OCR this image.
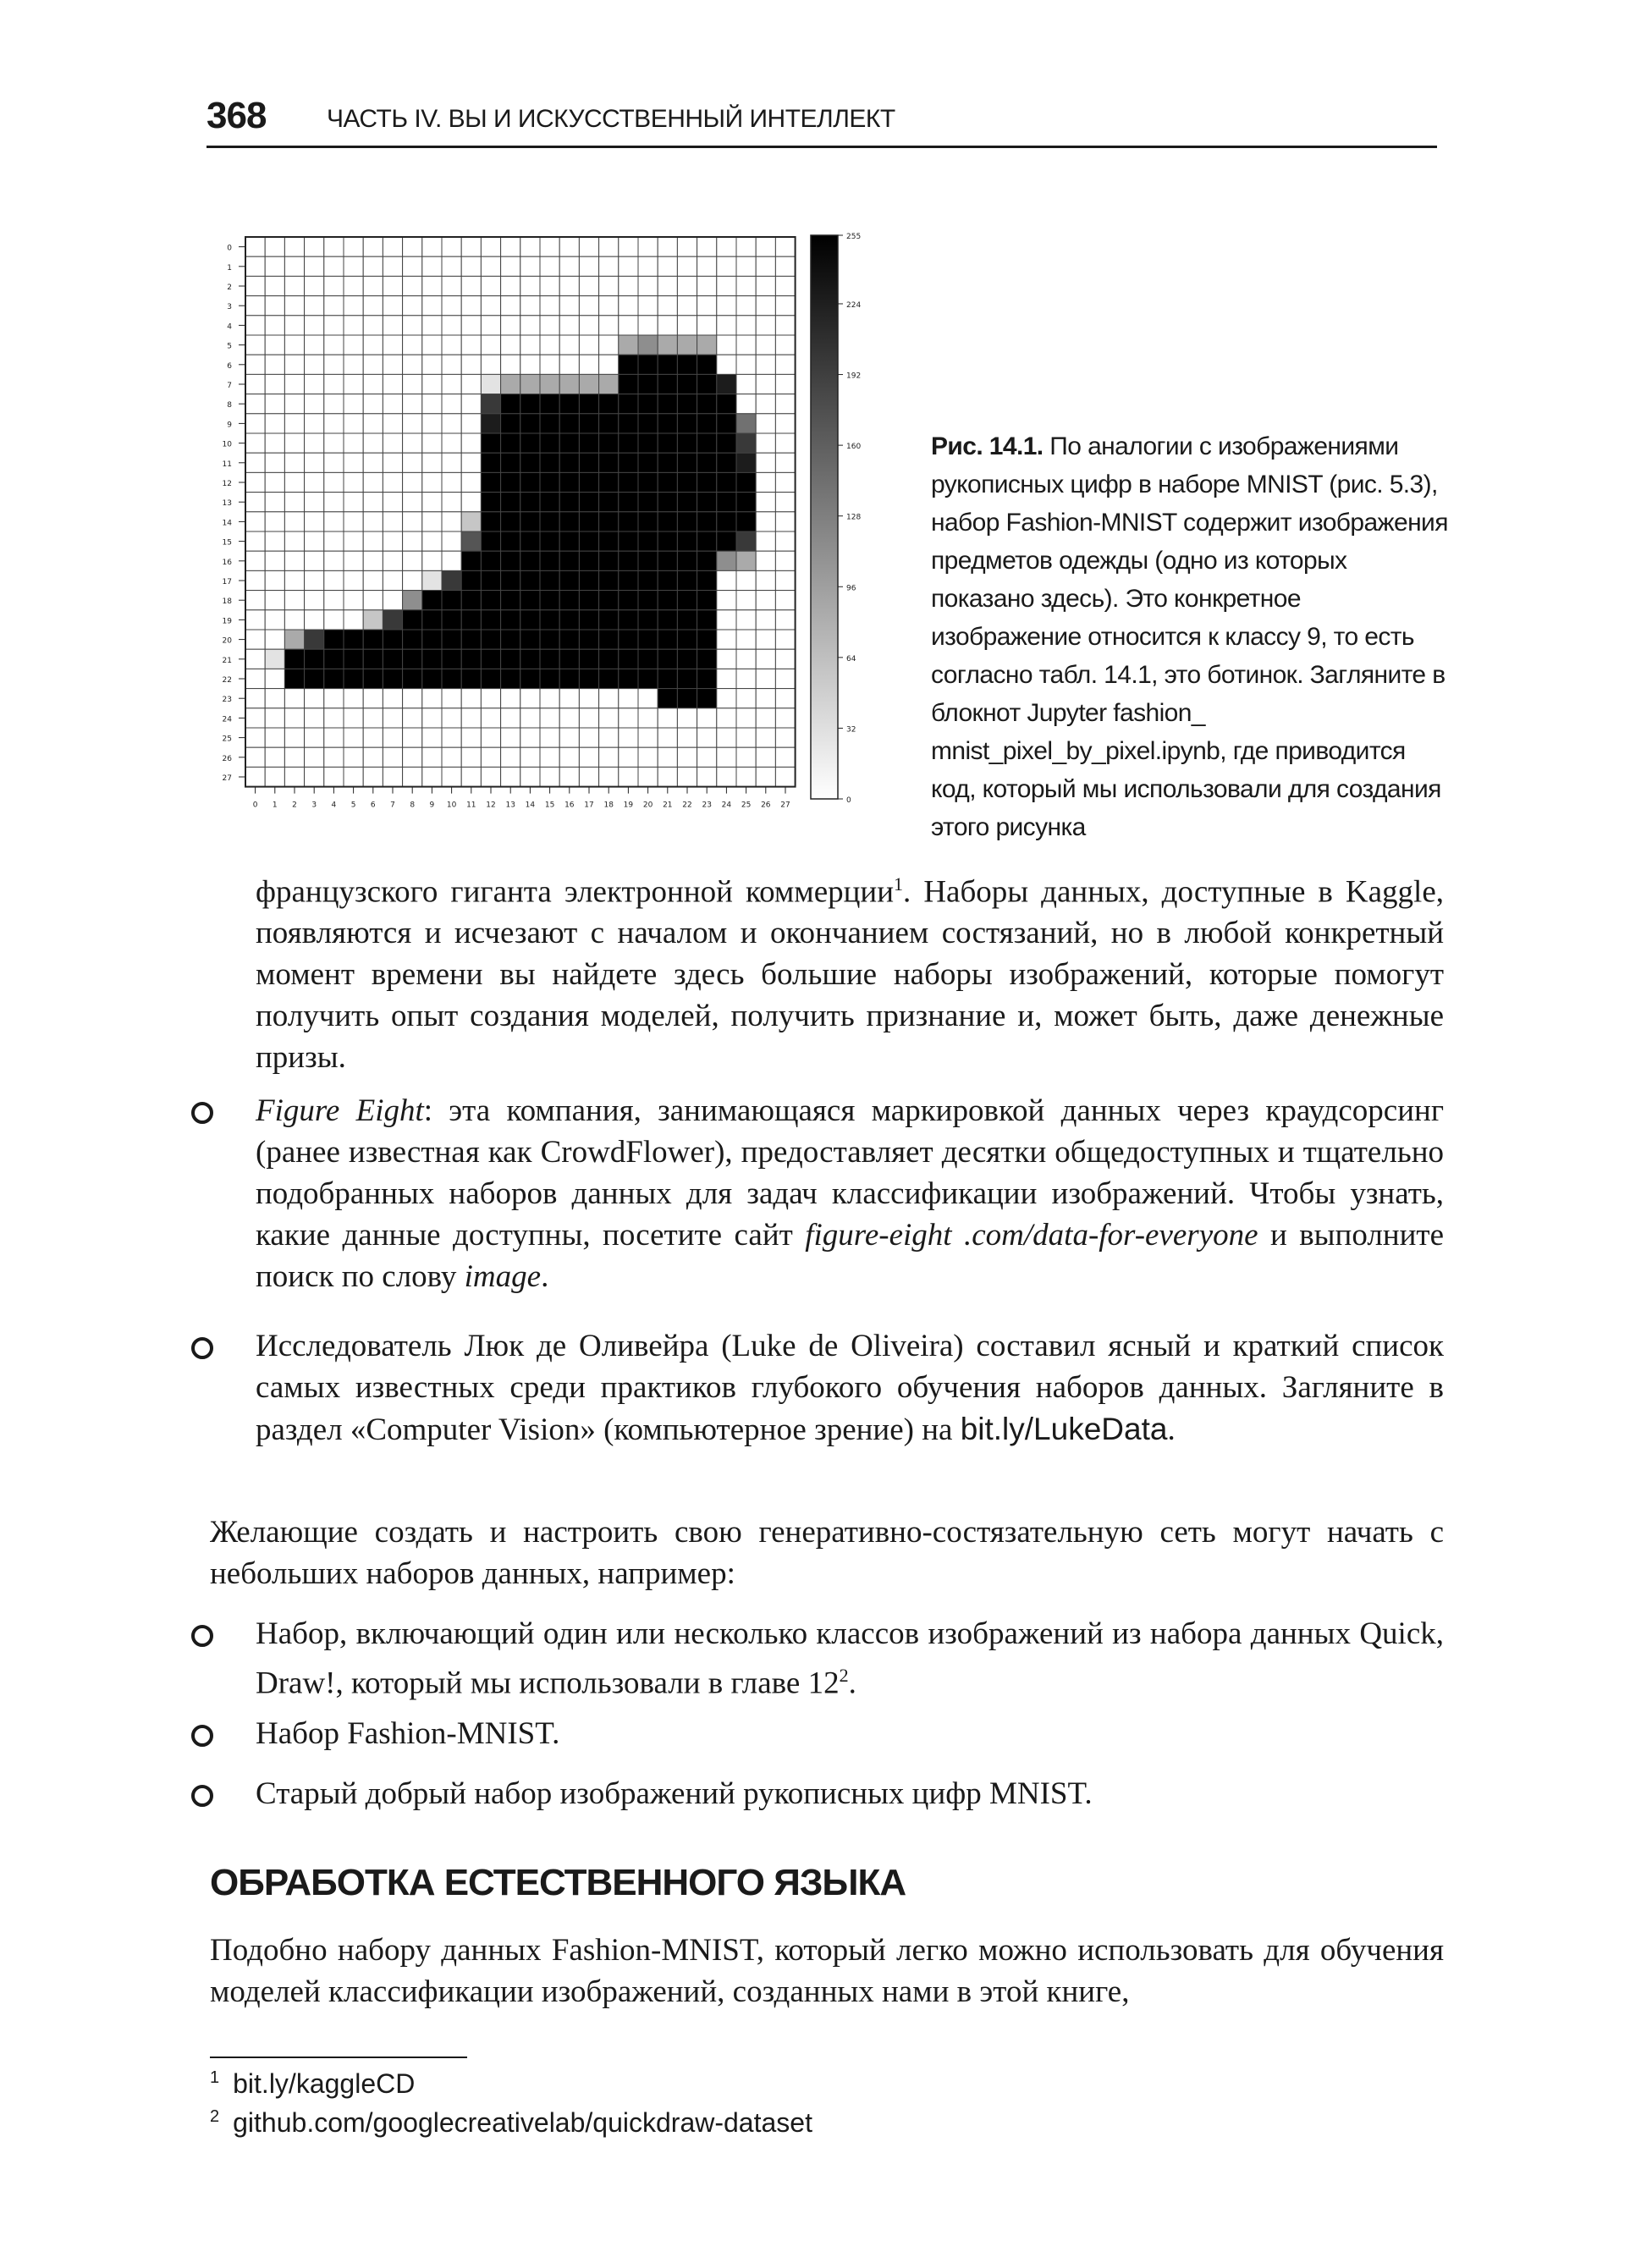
368 ЧАСТЬ IV. ВЫ И ИСКУССТВЕННЫЙ ИНТЕЛЛЕКТ
0
1
2
3
4
5
6
7
8
9
10
11
12
13
14
15
16
17
18
19
20
21
22
23
24
25
26
27
0 1 2 3 4 5 6 7 8 9 10 11 12 13 14 15 16 17 18 19 20 21 22 23 24 25 26 27
255
224
192
160
128
96
64
32
0
Рис. 14.1. По аналогии с изображениями рукописных цифр в наборе MNIST (рис. 5.3), набор Fashion-MNIST содержит изображения предметов одежды (одно из которых показано здесь). Это конкретное изображение относится к классу 9, то есть согласно табл. 14.1, это ботинок. Загляните в блокнот Jupyter fashion_ mnist_pixel_by_pixel.ipynb, где приводится код, который мы использовали для создания этого рисунка

французского гиганта электронной коммерции$^1$. Наборы данных, доступные в Kaggle, появляются и исчезают с началом и окончанием состязаний, но в любой конкретный момент времени вы найдете здесь большие наборы изображений, которые помогут получить опыт создания моделей, получить признание и, может быть, даже денежные призы.

Figure Eight: эта компания, занимающаяся маркировкой данных через краудсорсинг (ранее известная как CrowdFlower), предоставляет десятки общедоступных и тщательно подобранных наборов данных для задач классификации изображений. Чтобы узнать, какие данные доступны, посетите сайт figure-eight .com/data-for-everyone и выполните поиск по слову image.

Исследователь Люк де Оливейра (Luke de Oliveira) составил ясный и краткий список самых известных среди практиков глубокого обучения наборов данных. Загляните в раздел «Computer Vision» (компьютерное зрение) на bit.ly/LukeData.

Желающие создать и настроить свою генеративно-состязательную сеть могут начать с небольших наборов данных, например:

Набор, включающий один или несколько классов изображений из набора данных Quick, Draw!, который мы использовали в главе $12^2$.

Набор Fashion-MNIST.

Старый добрый набор изображений рукописных цифр MNIST.

ОБРАБОТКА ЕСТЕСТВЕННОГО ЯЗЫКА

Подобно набору данных Fashion-MNIST, который легко можно использовать для обучения моделей классификации изображений, созданных нами в этой книге,

$^1$ bit.ly/kaggleCD
$^2$ github.com/googlecreativelab/quickdraw-dataset
